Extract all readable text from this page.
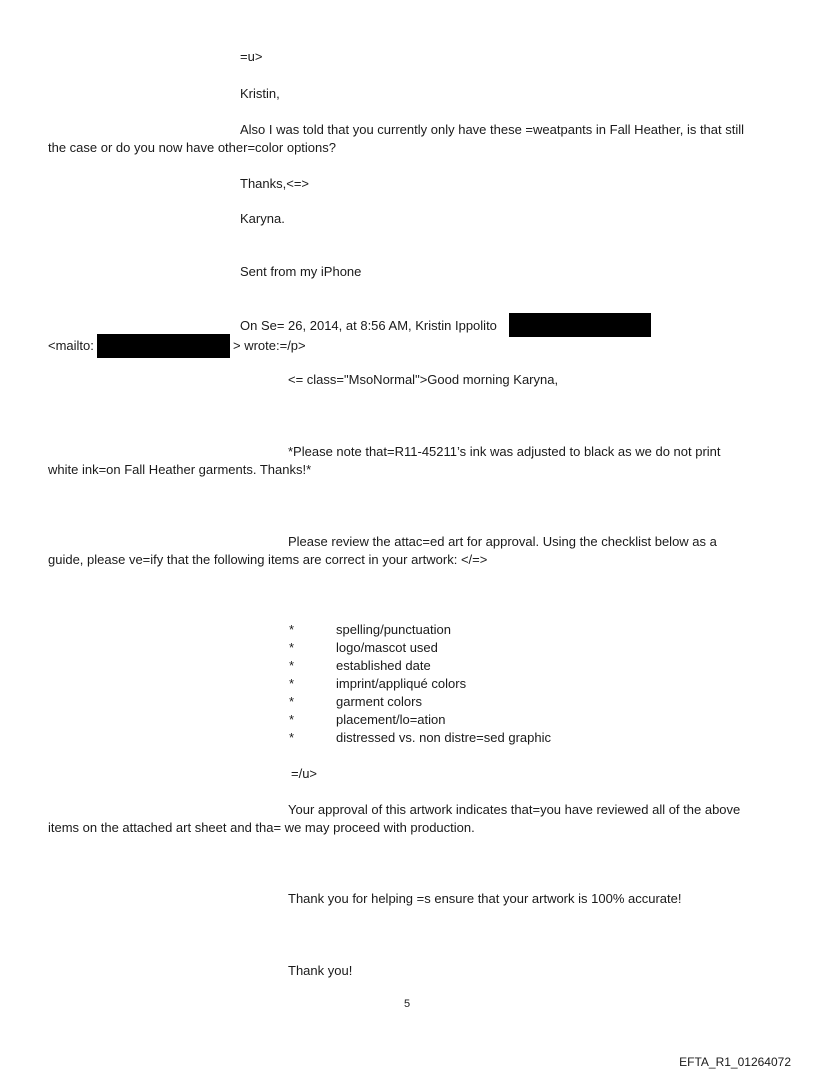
=u>
Kristin,
Also I was told that you currently only have these =weatpants in Fall Heather, is that still
the case or do you now have other=color options?
Thanks,<=>
Karyna.
Sent from my iPhone
On Se= 26, 2014, at 8:56 AM, Kristin Ippolito
<mailto:	> wrote:=/p>
<= class="MsoNormal">Good morning Karyna,
*Please note that=R11-45211’s ink was adjusted to black as we do not print
white ink=on Fall Heather garments. Thanks!*
Please review the attac=ed art for approval. Using the checklist below as a
guide, please ve=ify that the following items are correct in your artwork: </=>
*	spelling/punctuation
*	logo/mascot used
*	established date
*	imprint/appliqué colors
*	garment colors
*	placement/lo=ation
*	distressed vs. non distre=sed graphic
=/u>
Your approval of this artwork indicates that=you have reviewed all of the above
items on the attached art sheet and tha= we may proceed with production.
Thank you for helping =s ensure that your artwork is 100% accurate!
Thank you!
5
EFTA_R1_01264072
